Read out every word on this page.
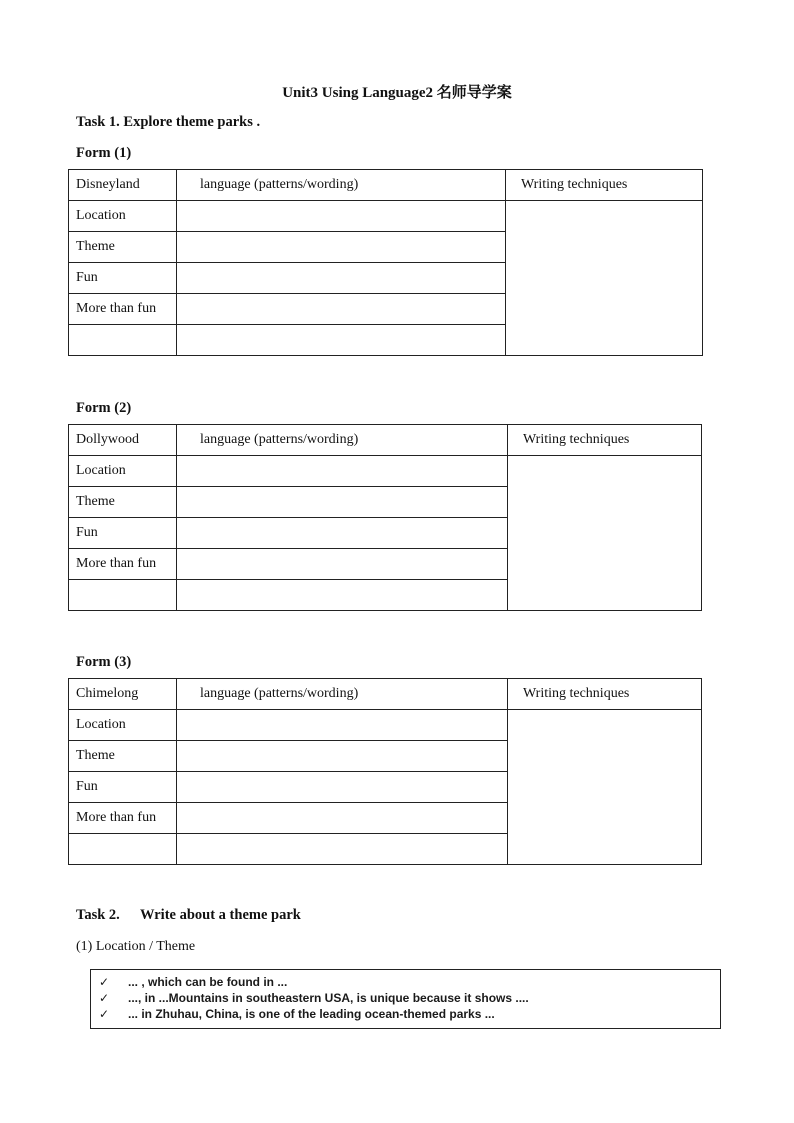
Unit3 Using Language2 名师导学案
Task 1. Explore theme parks .
Form (1)
Disneyland	language (patterns/wording)	Writing techniques
Location		
Theme		
Fun		
More than fun		

Form (2)
Dollywood	language (patterns/wording)	Writing techniques
Location		
Theme		
Fun		
More than fun		

Form (3)
Chimelong	language (patterns/wording)	Writing techniques
Location		
Theme		
Fun		
More than fun		

Task 2. Write about a theme park
(1) Location / Theme
✓	... , which can be found in ...
✓	..., in ...Mountains in southeastern USA, is unique because it shows ....
✓	... in Zhuhau, China, is one of the leading ocean-themed parks ...
